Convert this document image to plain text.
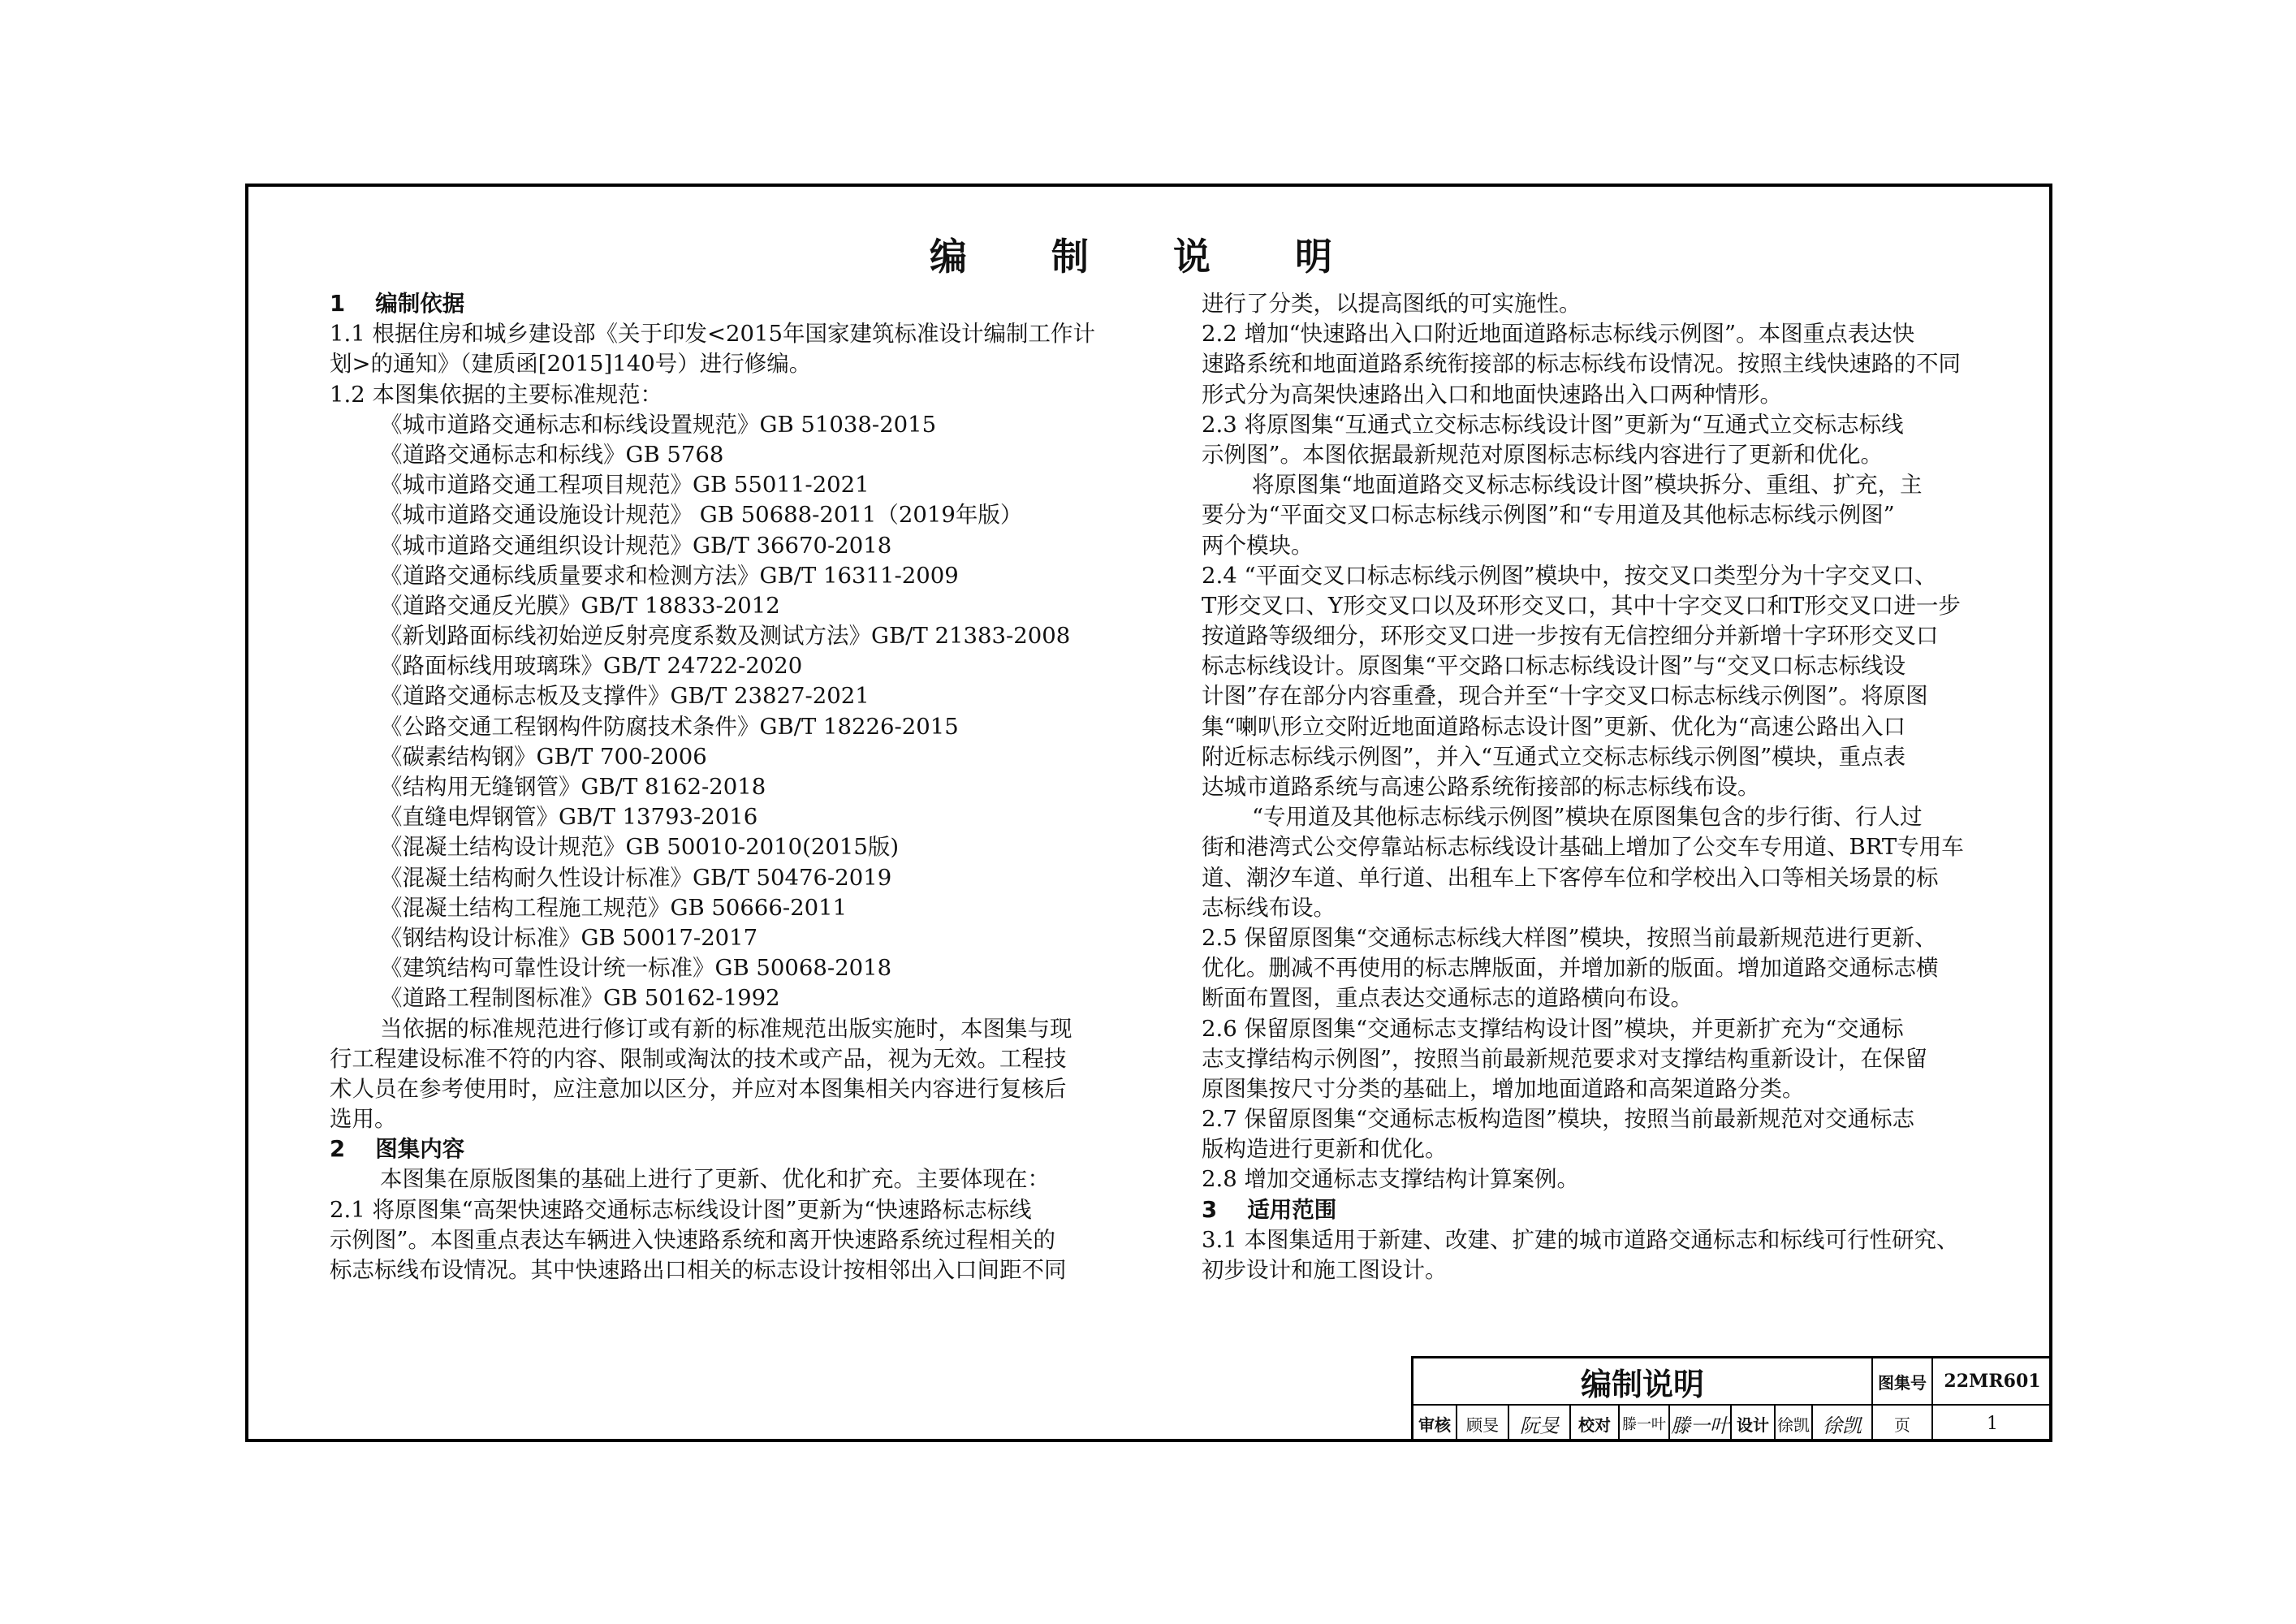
编 制 说 明
1　 编制依据
1.1 根据住房和城乡建设部《关于印发<2015年国家建筑标准设计编制工作计
划>的通知》（建质函[2015]140号）进行修编。
1.2 本图集依据的主要标准规范：
《城市道路交通标志和标线设置规范》GB 51038-2015
《道路交通标志和标线》GB 5768
《城市道路交通工程项目规范》GB 55011-2021
《城市道路交通设施设计规范》 GB 50688-2011（2019年版）
《城市道路交通组织设计规范》GB/T 36670-2018
《道路交通标线质量要求和检测方法》GB/T 16311-2009
《道路交通反光膜》GB/T 18833-2012
《新划路面标线初始逆反射亮度系数及测试方法》GB/T 21383-2008
《路面标线用玻璃珠》GB/T 24722-2020
《道路交通标志板及支撑件》GB/T 23827-2021
《公路交通工程钢构件防腐技术条件》GB/T 18226-2015
《碳素结构钢》GB/T 700-2006
《结构用无缝钢管》GB/T 8162-2018
《直缝电焊钢管》GB/T 13793-2016
《混凝土结构设计规范》GB 50010-2010(2015版)
《混凝土结构耐久性设计标准》GB/T 50476-2019
《混凝土结构工程施工规范》GB 50666-2011
《钢结构设计标准》GB 50017-2017
《建筑结构可靠性设计统一标准》GB 50068-2018
《道路工程制图标准》GB 50162-1992
当依据的标准规范进行修订或有新的标准规范出版实施时，本图集与现
行工程建设标准不符的内容、限制或淘汰的技术或产品，视为无效。工程技
术人员在参考使用时，应注意加以区分，并应对本图集相关内容进行复核后
选用。
2　 图集内容
本图集在原版图集的基础上进行了更新、优化和扩充。主要体现在：
2.1 将原图集“高架快速路交通标志标线设计图”更新为“快速路标志标线
示例图”。本图重点表达车辆进入快速路系统和离开快速路系统过程相关的
标志标线布设情况。其中快速路出口相关的标志设计按相邻出入口间距不同
进行了分类，以提高图纸的可实施性。
2.2 增加“快速路出入口附近地面道路标志标线示例图”。本图重点表达快
速路系统和地面道路系统衔接部的标志标线布设情况。按照主线快速路的不同
形式分为高架快速路出入口和地面快速路出入口两种情形。
2.3 将原图集“互通式立交标志标线设计图”更新为“互通式立交标志标线
示例图”。本图依据最新规范对原图标志标线内容进行了更新和优化。
将原图集“地面道路交叉标志标线设计图”模块拆分、重组、扩充，主
要分为“平面交叉口标志标线示例图”和“专用道及其他标志标线示例图”
两个模块。
2.4 “平面交叉口标志标线示例图”模块中，按交叉口类型分为十字交叉口、
T形交叉口、Y形交叉口以及环形交叉口，其中十字交叉口和T形交叉口进一步
按道路等级细分，环形交叉口进一步按有无信控细分并新增十字环形交叉口
标志标线设计。原图集“平交路口标志标线设计图”与“交叉口标志标线设
计图”存在部分内容重叠，现合并至“十字交叉口标志标线示例图”。将原图
集“喇叭形立交附近地面道路标志设计图”更新、优化为“高速公路出入口
附近标志标线示例图”，并入“互通式立交标志标线示例图”模块，重点表
达城市道路系统与高速公路系统衔接部的标志标线布设。
“专用道及其他标志标线示例图”模块在原图集包含的步行街、行人过
街和港湾式公交停靠站标志标线设计基础上增加了公交车专用道、BRT专用车
道、潮汐车道、单行道、出租车上下客停车位和学校出入口等相关场景的标
志标线布设。
2.5 保留原图集“交通标志标线大样图”模块，按照当前最新规范进行更新、
优化。删减不再使用的标志牌版面，并增加新的版面。增加道路交通标志横
断面布置图，重点表达交通标志的道路横向布设。
2.6 保留原图集“交通标志支撑结构设计图”模块，并更新扩充为“交通标
志支撑结构示例图”，按照当前最新规范要求对支撑结构重新设计，在保留
原图集按尺寸分类的基础上，增加地面道路和高架道路分类。
2.7 保留原图集“交通标志板构造图”模块，按照当前最新规范对交通标志
版构造进行更新和优化。
2.8 增加交通标志支撑结构计算案例。
3　 适用范围
3.1 本图集适用于新建、改建、扩建的城市道路交通标志和标线可行性研究、
初步设计和施工图设计。
编制说明	图集号 22MR601
审核 顾旻	阮旻	校对 滕一叶 滕一叶 设计 徐凯 徐凯	页	1
